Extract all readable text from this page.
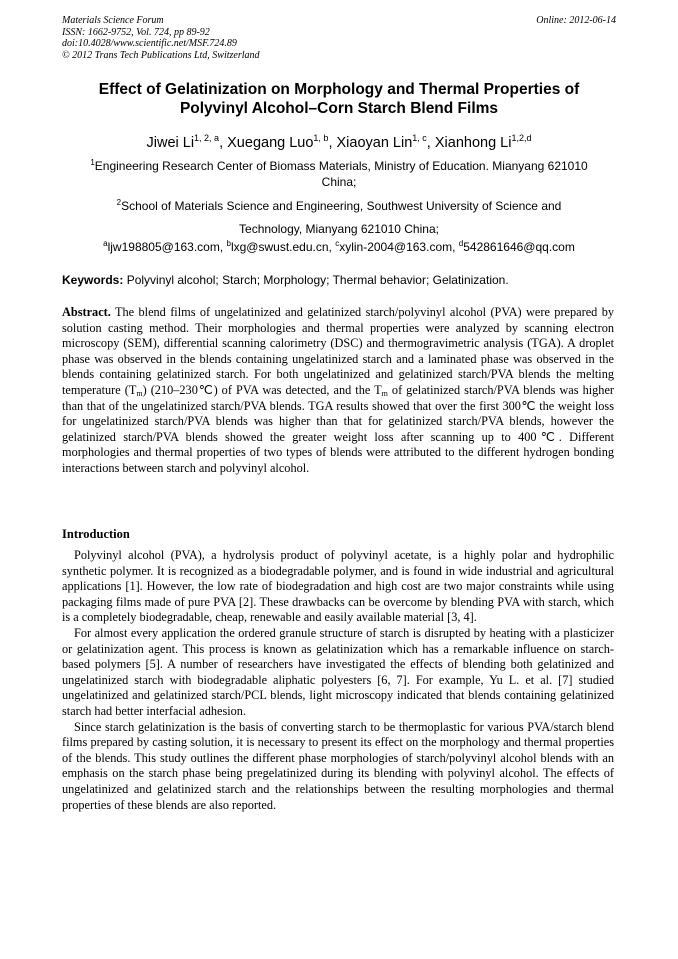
Materials Science Forum
ISSN: 1662-9752, Vol. 724, pp 89-92
doi:10.4028/www.scientific.net/MSF.724.89
© 2012 Trans Tech Publications Ltd, Switzerland
Online: 2012-06-14
Effect of Gelatinization on Morphology and Thermal Properties of
Polyvinyl Alcohol–Corn Starch Blend Films
Jiwei Li$^{1, 2, a}$, Xuegang Luo$^{1, b}$, Xiaoyan Lin$^{1, c}$, Xianhong Li$^{1,2,d}$
$^1$Engineering Research Center of Biomass Materials, Ministry of Education. Mianyang 621010
China;
$^2$School of Materials Science and Engineering, Southwest University of Science and
Technology, Mianyang 621010 China;
$^a$ljw198805@163.com, $^b$lxg@swust.edu.cn, $^c$xylin-2004@163.com, $^d$542861646@qq.com
Keywords: Polyvinyl alcohol; Starch; Morphology; Thermal behavior; Gelatinization.
Abstract. The blend films of ungelatinized and gelatinized starch/polyvinyl alcohol (PVA) were prepared by solution casting method. Their morphologies and thermal properties were analyzed by scanning electron microscopy (SEM), differential scanning calorimetry (DSC) and thermogravimetric analysis (TGA). A droplet phase was observed in the blends containing ungelatinized starch and a laminated phase was observed in the blends containing gelatinized starch. For both ungelatinized and gelatinized starch/PVA blends the melting temperature $(T_m)$ (210–230℃) of PVA was detected, and the $T_m$ of gelatinized starch/PVA blends was higher than that of the ungelatinized starch/PVA blends. TGA results showed that over the first 300℃ the weight loss for ungelatinized starch/PVA blends was higher than that for gelatinized starch/PVA blends, however the gelatinized starch/PVA blends showed the greater weight loss after scanning up to 400℃. Different morphologies and thermal properties of two types of blends were attributed to the different hydrogen bonding interactions between starch and polyvinyl alcohol.
Introduction

Polyvinyl alcohol (PVA), a hydrolysis product of polyvinyl acetate, is a highly polar and hydrophilic synthetic polymer. It is recognized as a biodegradable polymer, and is found in wide industrial and agricultural applications [1]. However, the low rate of biodegradation and high cost are two major constraints while using packaging films made of pure PVA [2]. These drawbacks can be overcome by blending PVA with starch, which is a completely biodegradable, cheap, renewable and easily available material [3, 4].

For almost every application the ordered granule structure of starch is disrupted by heating with a plasticizer or gelatinization agent. This process is known as gelatinization which has a remarkable influence on starch-based polymers [5]. A number of researchers have investigated the effects of blending both gelatinized and ungelatinized starch with biodegradable aliphatic polyesters [6, 7]. For example, Yu L. et al. [7] studied ungelatinized and gelatinized starch/PCL blends, light microscopy indicated that blends containing gelatinized starch had better interfacial adhesion.

Since starch gelatinization is the basis of converting starch to be thermoplastic for various PVA/starch blend films prepared by casting solution, it is necessary to present its effect on the morphology and thermal properties of the blends. This study outlines the different phase morphologies of starch/polyvinyl alcohol blends with an emphasis on the starch phase being pregelatinized during its blending with polyvinyl alcohol. The effects of ungelatinized and gelatinized starch and the relationships between the resulting morphologies and thermal properties of these blends are also reported.
